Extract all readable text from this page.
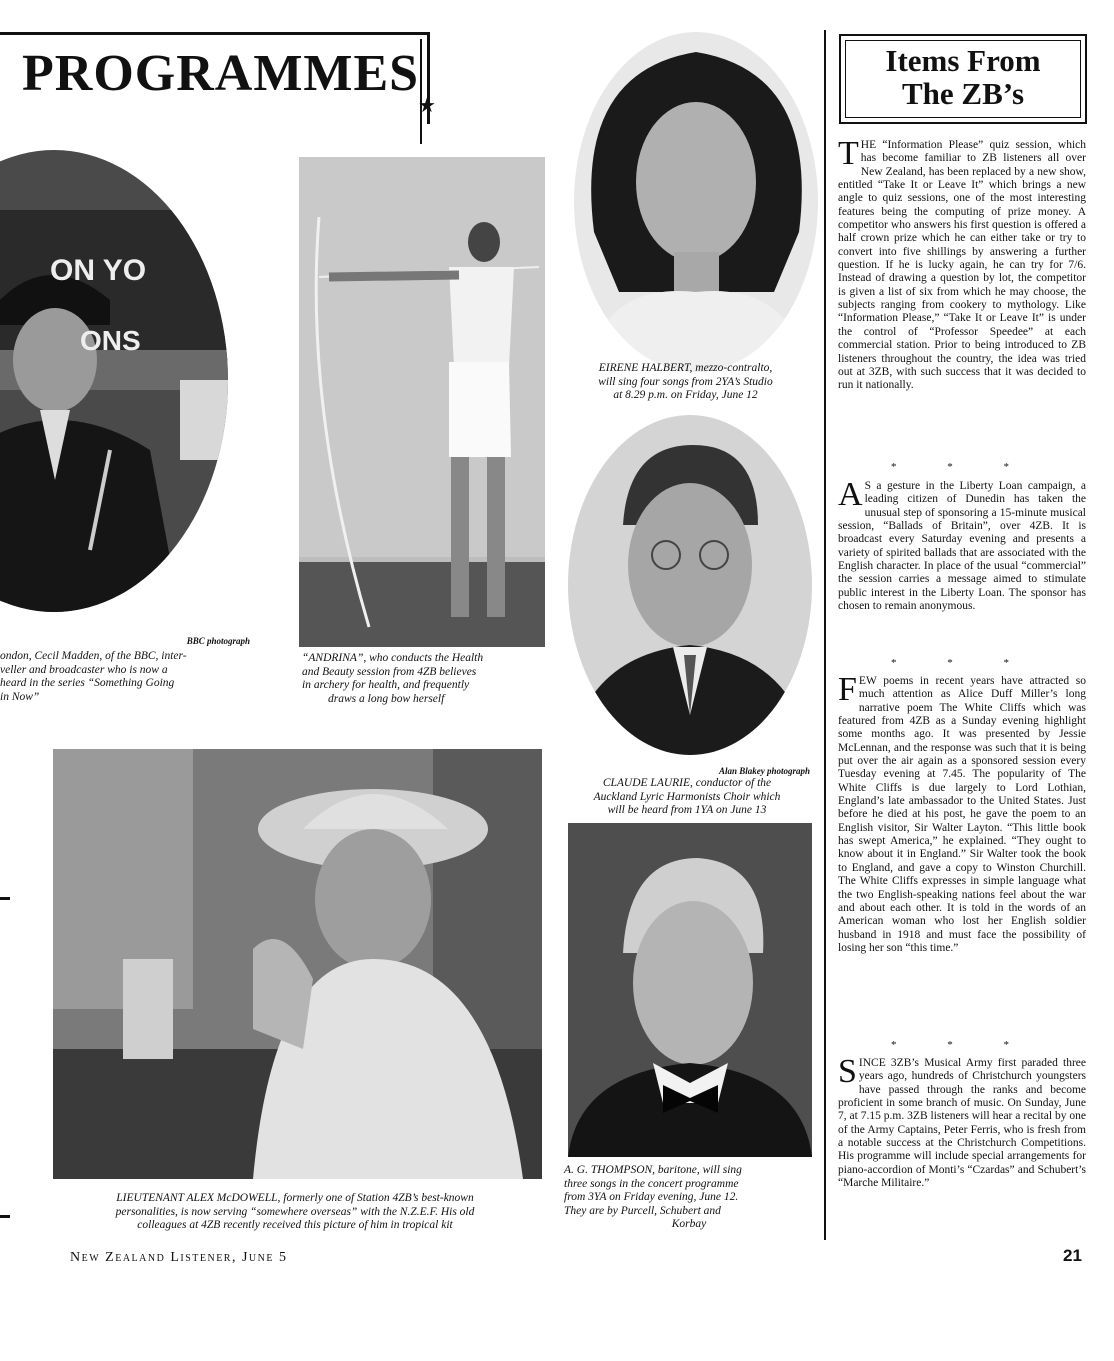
PROGRAMMES
★
ON YO
ONS
BBC photograph
ondon, Cecil Madden, of the BBC, inter-
veller and broadcaster who is now a
heard in the series “Something Going
in Now”
“ANDRINA”, who conducts the Health
and Beauty session from 4ZB believes
in archery for health, and frequently
draws a long bow herself
EIRENE HALBERT, mezzo-contralto,
will sing four songs from 2YA’s Studio
at 8.29 p.m. on Friday, June 12
Alan Blakey photograph
CLAUDE LAURIE, conductor of the
Auckland Lyric Harmonists Choir which
will be heard from 1YA on June 13
A. G. THOMPSON, baritone, will sing
three songs in the concert programme
from 3YA on Friday evening, June 12.
They are by Purcell, Schubert and
Korbay
LIEUTENANT ALEX McDOWELL, formerly one of Station 4ZB’s best-known
personalities, is now serving “somewhere overseas” with the N.Z.E.F. His old
colleagues at 4ZB recently received this picture of him in tropical kit
Items From
The ZB’s
THE “Information Please” quiz session, which has become familiar to ZB listeners all over New Zealand, has been replaced by a new show, entitled “Take It or Leave It” which brings a new angle to quiz sessions, one of the most interesting features being the computing of prize money. A competitor who answers his first question is offered a half crown prize which he can either take or try to convert into five shillings by answering a further question. If he is lucky again, he can try for 7/6. Instead of drawing a question by lot, the competitor is given a list of six from which he may choose, the subjects ranging from cookery to mythology. Like “Information Please,” “Take It or Leave It” is under the control of “Professor Speedee” at each commercial station. Prior to being introduced to ZB listeners throughout the country, the idea was tried out at 3ZB, with such success that it was decided to run it nationally.
* * *
A S a gesture in the Liberty Loan campaign, a leading citizen of Dunedin has taken the unusual step of sponsoring a 15-minute musical session, “Ballads of Britain”, over 4ZB. It is broadcast every Saturday evening and presents a variety of spirited ballads that are associated with the English character. In place of the usual “commercial” the session carries a message aimed to stimulate public interest in the Liberty Loan. The sponsor has chosen to remain anonymous.
* * *
FEW poems in recent years have attracted so much attention as Alice Duff Miller’s long narrative poem The White Cliffs which was featured from 4ZB as a Sunday evening highlight some months ago. It was presented by Jessie McLennan, and the response was such that it is being put over the air again as a sponsored session every Tuesday evening at 7.45. The popularity of The White Cliffs is due largely to Lord Lothian, England’s late ambassador to the United States. Just before he died at his post, he gave the poem to an English visitor, Sir Walter Layton. “This little book has swept America,” he explained. “They ought to know about it in England.” Sir Walter took the book to England, and gave a copy to Winston Churchill. The White Cliffs expresses in simple language what the two English-speaking nations feel about the war and about each other. It is told in the words of an American woman who lost her English soldier husband in 1918 and must face the possibility of losing her son “this time.”
* * *
SINCE 3ZB’s Musical Army first paraded three years ago, hundreds of Christchurch youngsters have passed through the ranks and become proficient in some branch of music. On Sunday, June 7, at 7.15 p.m. 3ZB listeners will hear a recital by one of the Army Captains, Peter Ferris, who is fresh from a notable success at the Christchurch Competitions. His programme will include special arrangements for piano-accordion of Monti’s “Czardas” and Schubert’s “Marche Militaire.”
New Zealand Listener, June 5	21
